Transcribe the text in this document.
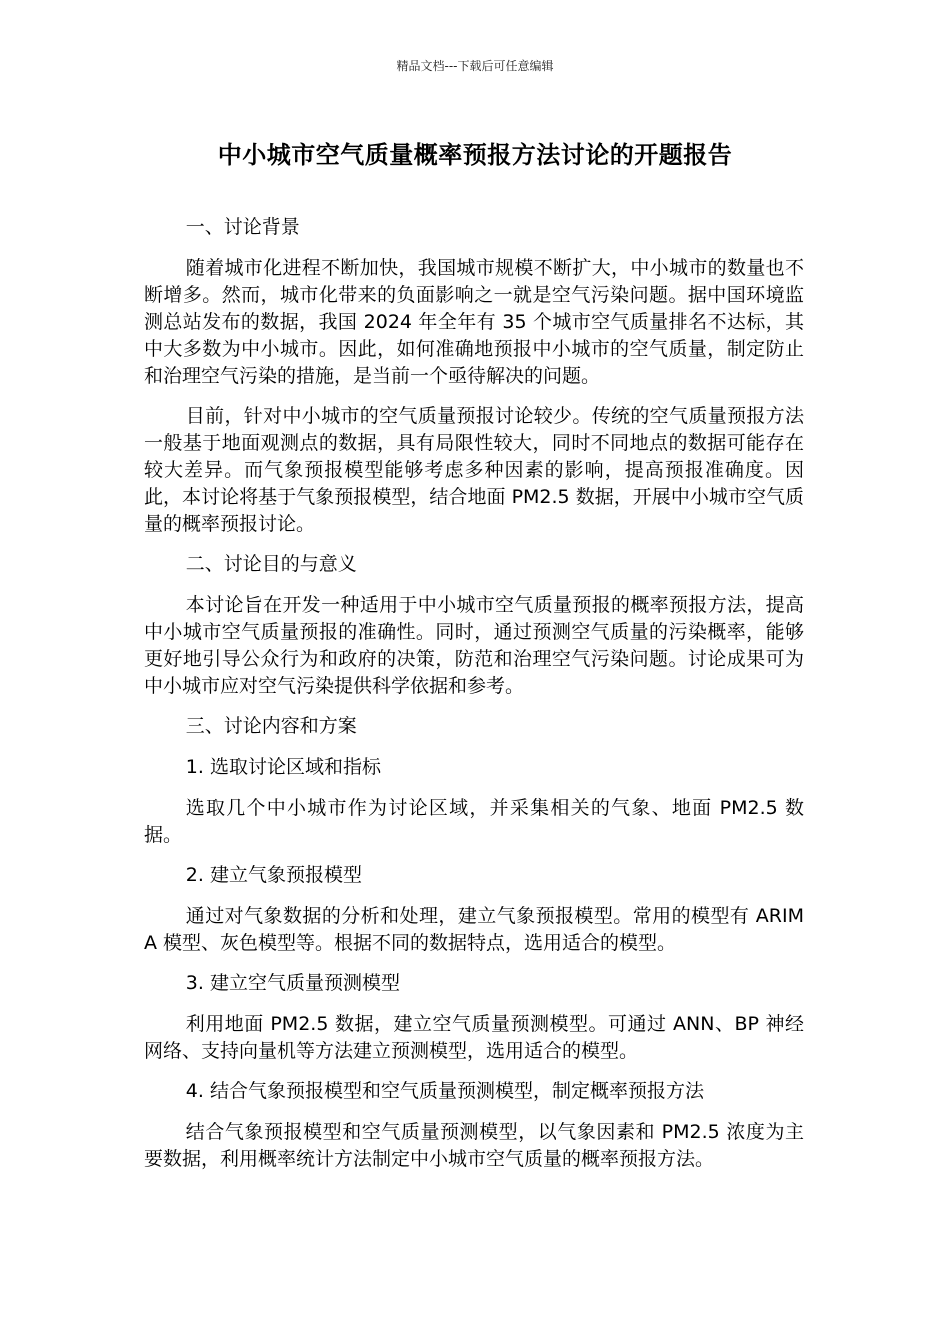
精品文档---下载后可任意编辑
中小城市空气质量概率预报方法讨论的开题报告

一、讨论背景

随着城市化进程不断加快，我国城市规模不断扩大，中小城市的数量也不断增多。然而，城市化带来的负面影响之一就是空气污染问题。据中国环境监测总站发布的数据，我国 2024 年全年有 35 个城市空气质量排名不达标，其中大多数为中小城市。因此，如何准确地预报中小城市的空气质量，制定防止和治理空气污染的措施，是当前一个亟待解决的问题。

目前，针对中小城市的空气质量预报讨论较少。传统的空气质量预报方法一般基于地面观测点的数据，具有局限性较大，同时不同地点的数据可能存在较大差异。而气象预报模型能够考虑多种因素的影响，提高预报准确度。因此，本讨论将基于气象预报模型，结合地面 PM2.5 数据，开展中小城市空气质量的概率预报讨论。

二、讨论目的与意义

本讨论旨在开发一种适用于中小城市空气质量预报的概率预报方法，提高中小城市空气质量预报的准确性。同时，通过预测空气质量的污染概率，能够更好地引导公众行为和政府的决策，防范和治理空气污染问题。讨论成果可为中小城市应对空气污染提供科学依据和参考。

三、讨论内容和方案

1. 选取讨论区域和指标

选取几个中小城市作为讨论区域，并采集相关的气象、地面 PM2.5 数据。

2. 建立气象预报模型

通过对气象数据的分析和处理，建立气象预报模型。常用的模型有 ARIMA 模型、灰色模型等。根据不同的数据特点，选用适合的模型。

3. 建立空气质量预测模型

利用地面 PM2.5 数据，建立空气质量预测模型。可通过 ANN、BP 神经网络、支持向量机等方法建立预测模型，选用适合的模型。

4. 结合气象预报模型和空气质量预测模型，制定概率预报方法

结合气象预报模型和空气质量预测模型，以气象因素和 PM2.5 浓度为主要数据，利用概率统计方法制定中小城市空气质量的概率预报方法。
